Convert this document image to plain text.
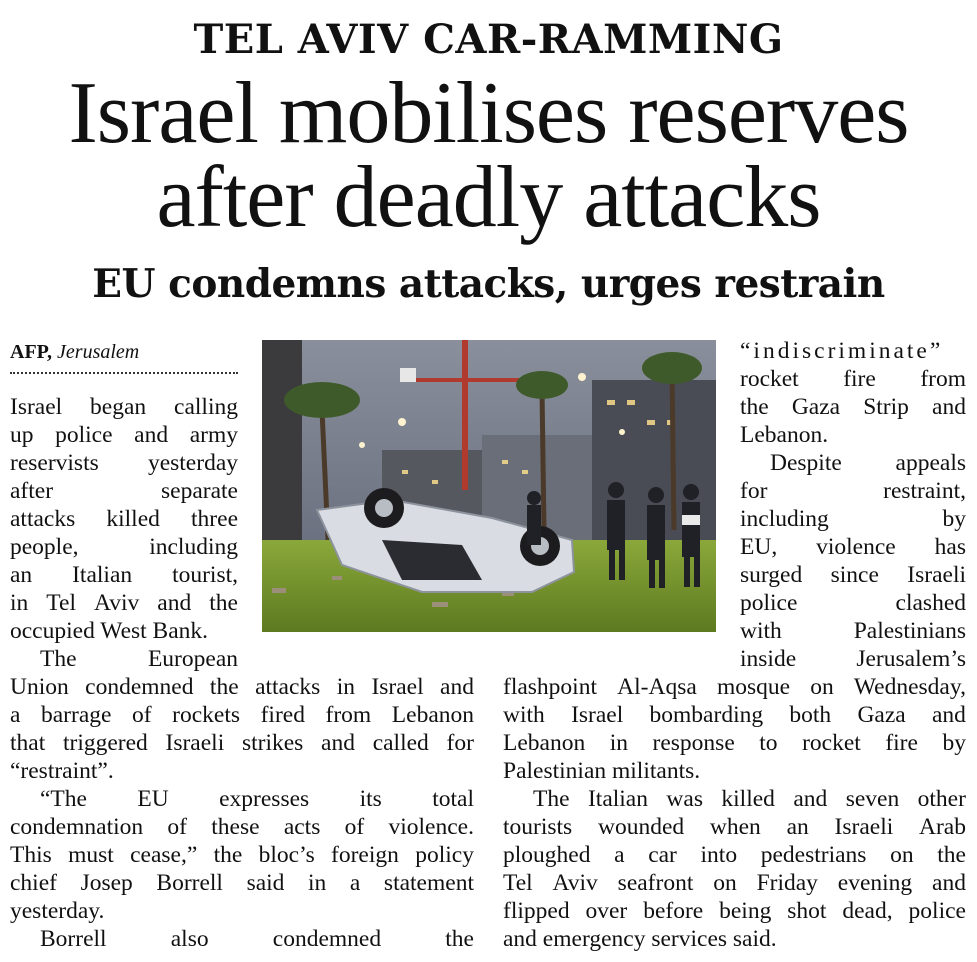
TEL AVIV CAR-RAMMING
Israel mobilises reserves
after deadly attacks
EU condemns attacks, urges restrain
AFP, Jerusalem

Israel began calling

up police and army

reservists yesterday

after	separate

attacks killed three

people,	including

an Italian tourist,

in Tel Aviv and the

occupied West Bank.

The	European

Union condemned the attacks in Israel and

a barrage of rockets fired from Lebanon

that triggered Israeli strikes and called for

“restraint”.

“The EU expresses its total

condemnation of these acts of violence.

This must cease,” the bloc’s foreign policy

chief Josep Borrell said in a statement

yesterday.

Borrell	also	condemned	the

“indiscriminate”

rocket fire from

the Gaza Strip and

Lebanon.

Despite appeals

for	restraint,

including	by

EU, violence has

surged since Israeli

police	clashed

with	Palestinians

inside	Jerusalem’s

flashpoint Al-Aqsa mosque on Wednesday,

with Israel bombarding both Gaza and

Lebanon in response to rocket fire by

Palestinian militants.

The Italian was killed and seven other

tourists wounded when an Israeli Arab

ploughed a car into pedestrians on the

Tel Aviv seafront on Friday evening and

flipped over before being shot dead, police

and emergency services said.
